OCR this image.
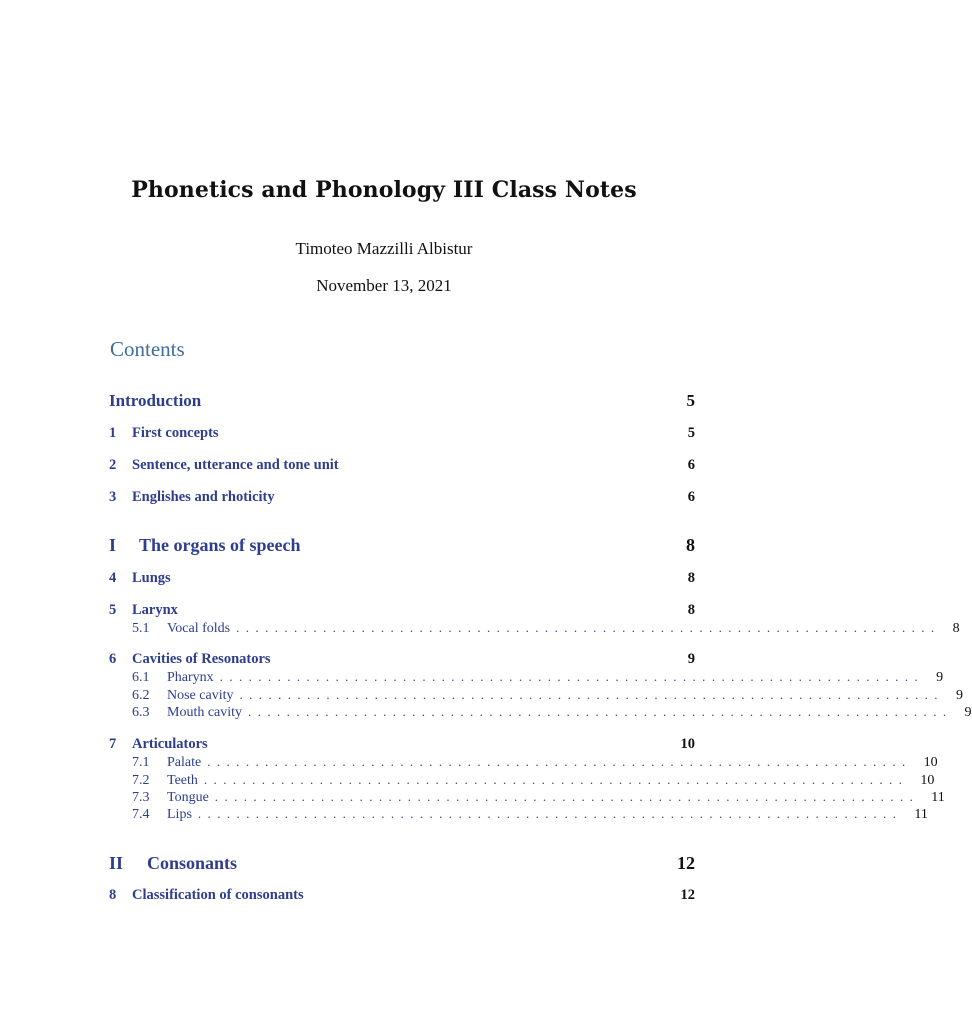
Phonetics and Phonology III Class Notes
Timoteo Mazzilli Albistur
November 13, 2021
Contents
Introduction	5
1	First concepts	5
2	Sentence, utterance and tone unit	6
3	Englishes and rhoticity	6
I	The organs of speech	8
4	Lungs	8
5	Larynx	8
5.1	Vocal folds ......................................................................... 8
6	Cavities of Resonators	9
6.1	Pharynx ......................................................................... 9
6.2	Nose cavity ......................................................................... 9
6.3	Mouth cavity ......................................................................... 9
7	Articulators	10
7.1	Palate ......................................................................... 10
7.2	Teeth ......................................................................... 10
7.3	Tongue ......................................................................... 11
7.4	Lips ......................................................................... 11
II	Consonants	12
8	Classification of consonants	12
